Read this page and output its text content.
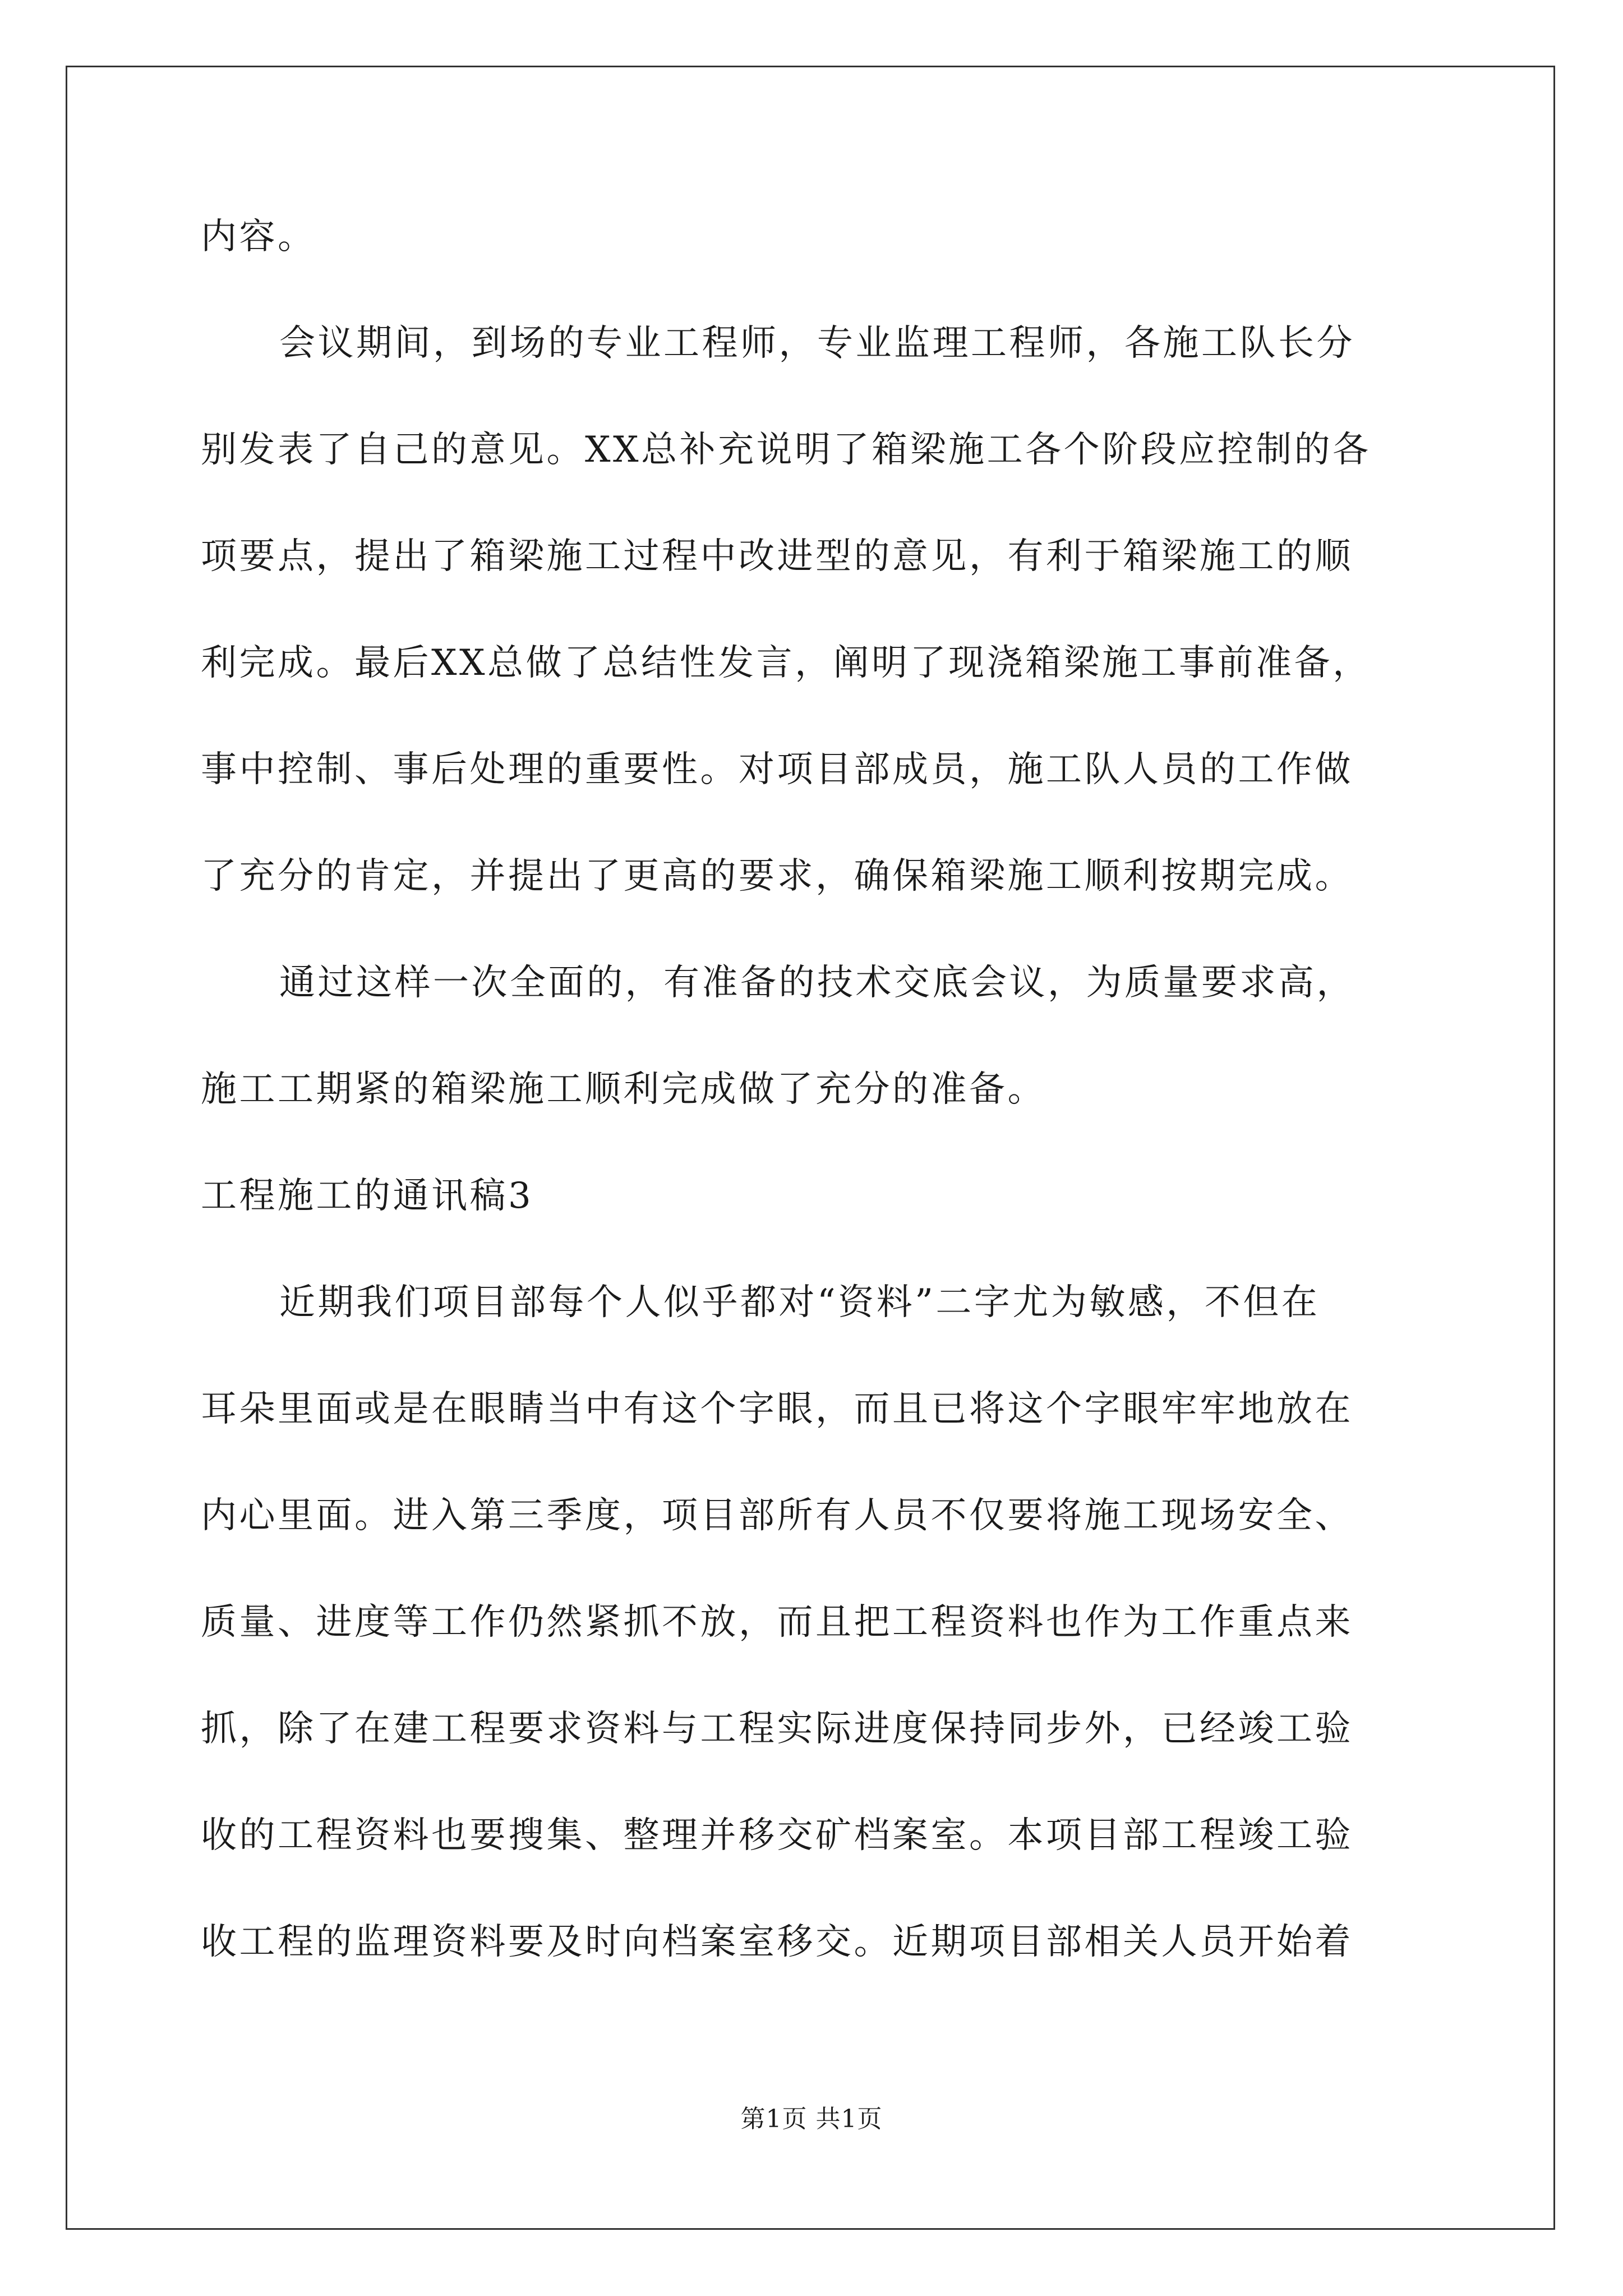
内容。
会议期间，到场的专业工程师，专业监理工程师，各施工队长分
别发表了自己的意见。XX总补充说明了箱梁施工各个阶段应控制的各
项要点，提出了箱梁施工过程中改进型的意见，有利于箱梁施工的顺
利完成。最后XX总做了总结性发言，阐明了现浇箱梁施工事前准备，
事中控制、事后处理的重要性。对项目部成员，施工队人员的工作做
了充分的肯定，并提出了更高的要求，确保箱梁施工顺利按期完成。
通过这样一次全面的，有准备的技术交底会议，为质量要求高，
施工工期紧的箱梁施工顺利完成做了充分的准备。
工程施工的通讯稿3
近期我们项目部每个人似乎都对“资料”二字尤为敏感，不但在
耳朵里面或是在眼睛当中有这个字眼，而且已将这个字眼牢牢地放在
内心里面。进入第三季度，项目部所有人员不仅要将施工现场安全、
质量、进度等工作仍然紧抓不放，而且把工程资料也作为工作重点来
抓，除了在建工程要求资料与工程实际进度保持同步外，已经竣工验
收的工程资料也要搜集、整理并移交矿档案室。本项目部工程竣工验
收工程的监理资料要及时向档案室移交。近期项目部相关人员开始着
第1页 共1页
